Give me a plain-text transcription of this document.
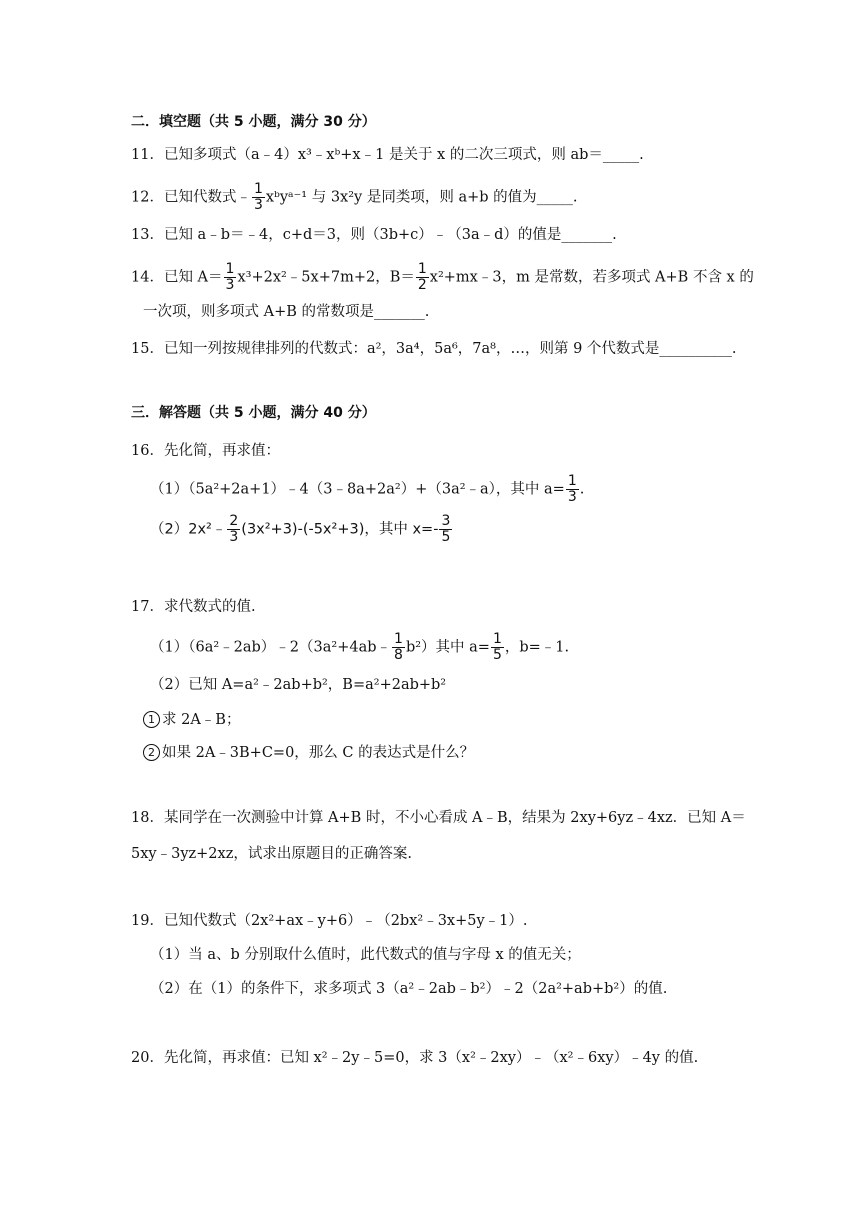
二．填空题（共 5 小题，满分 30 分）
11．已知多项式（a﹣4）x³﹣xᵇ+x﹣1 是关于 x 的二次三项式，则 ab＝_____.
12．已知代数式﹣ $\frac{1}{3}$ xᵇyᵃ⁻¹ 与 3x²y 是同类项，则 a+b 的值为_____.
13．已知 a﹣b＝﹣4，c+d＝3，则（3b+c）﹣（3a﹣d）的值是_______.
14．已知 $A= \frac{1}{3}$ x³+2x²﹣5x+7m+2，$B= \frac{1}{2}$ x²+mx﹣3，m 是常数，若多项式 A+B 不含 x 的
一次项，则多项式 A+B 的常数项是_______.
15．已知一列按规律排列的代数式：a²，3a⁴，5a⁶，7a⁸，…，则第 9 个代数式是__________.
三．解答题（共 5 小题，满分 40 分）
16．先化简，再求值：
（1）（5a²+2a+1）﹣4（3﹣8a+2a²）+（3a²﹣a），其中 $a= \frac{1}{3}$ .
（2）2x²﹣ $\frac{2}{3} (3x^2+3)-(-5x^2+3)$，其中 $x=- \frac{3}{5}$
17．求代数式的值.
（1）（6a²﹣2ab）﹣2（3a²+4ab﹣ $\frac{1}{8} b^2$）其中 $a= \frac{1}{5}$ ，b=﹣1.
（2）已知 A=a²﹣2ab+b²，B=a²+2ab+b²
1 求 2A﹣B；
2 如果 2A﹣3B+C=0，那么 C 的表达式是什么？
18．某同学在一次测验中计算 A+B 时，不小心看成 A﹣B，结果为 2xy+6yz﹣4xz．已知 A＝
5xy﹣3yz+2xz，试求出原题目的正确答案.
19．已知代数式（2x²+ax﹣y+6）﹣（2bx²﹣3x+5y﹣1）.
（1）当 a、b 分别取什么值时，此代数式的值与字母 x 的值无关；
（2）在（1）的条件下，求多项式 3（a²﹣2ab﹣b²）﹣2（2a²+ab+b²）的值.
20．先化简，再求值：已知 x²﹣2y﹣5=0，求 3（x²﹣2xy）﹣（x²﹣6xy）﹣4y 的值.
